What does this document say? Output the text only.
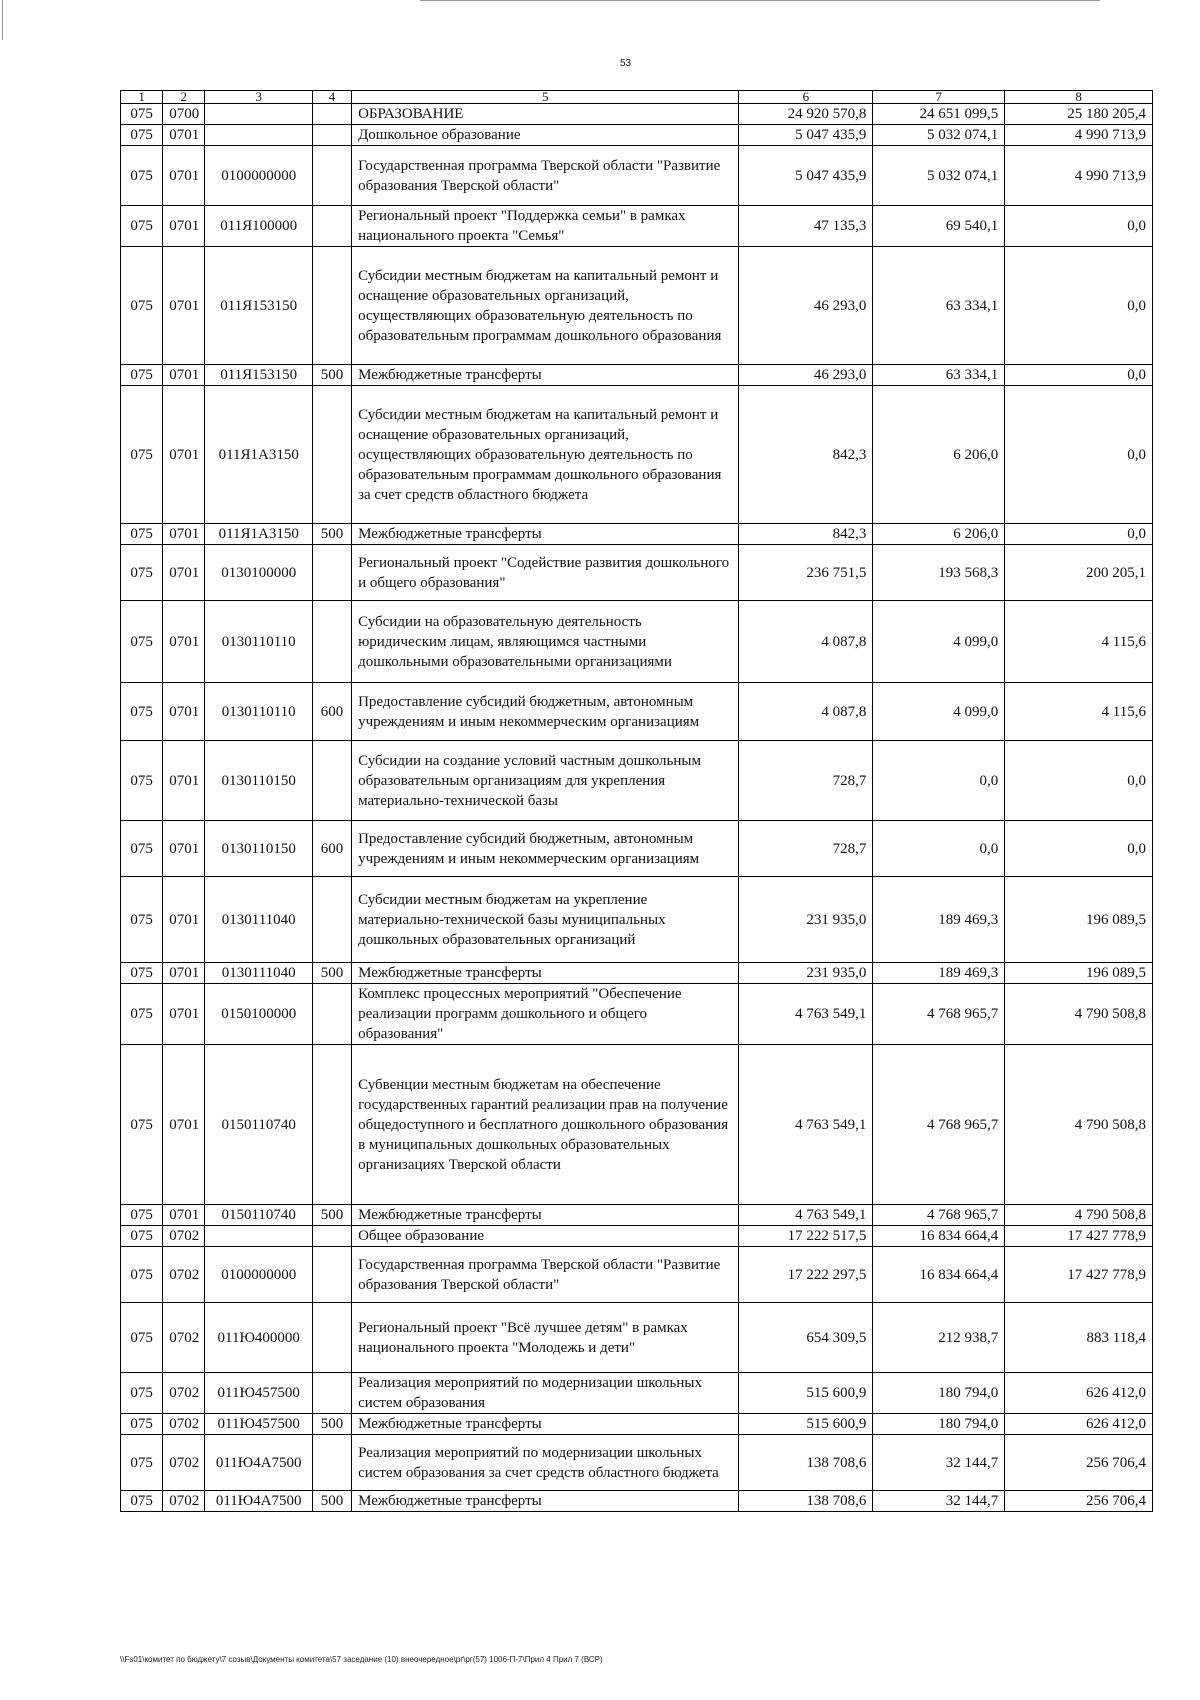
53
1	2	3	4	5	6	7	8
075	0700			ОБРАЗОВАНИЕ	24 920 570,8	24 651 099,5	25 180 205,4
075	0701			Дошкольное образование	5 047 435,9	5 032 074,1	4 990 713,9
075	0701	0100000000		Государственная программа Тверской области "Развитие образования Тверской области"	5 047 435,9	5 032 074,1	4 990 713,9
075	0701	011Я100000		Региональный проект "Поддержка семьи" в рамках национального проекта "Семья"	47 135,3	69 540,1	0,0
075	0701	011Я153150		Субсидии местным бюджетам на капитальный ремонт и оснащение образовательных организаций, осуществляющих образовательную деятельность по образовательным программам дошкольного образования	46 293,0	63 334,1	0,0
075	0701	011Я153150	500	Межбюджетные трансферты	46 293,0	63 334,1	0,0
075	0701	011Я1А3150		Субсидии местным бюджетам на капитальный ремонт и оснащение образовательных организаций, осуществляющих образовательную деятельность по образовательным программам дошкольного образования за счет средств областного бюджета	842,3	6 206,0	0,0
075	0701	011Я1А3150	500	Межбюджетные трансферты	842,3	6 206,0	0,0
075	0701	0130100000		Региональный проект "Содействие развития дошкольного и общего образования"	236 751,5	193 568,3	200 205,1
075	0701	0130110110		Субсидии на образовательную деятельность юридическим лицам, являющимся частными дошкольными образовательными организациями	4 087,8	4 099,0	4 115,6
075	0701	0130110110	600	Предоставление субсидий бюджетным, автономным учреждениям и иным некоммерческим организациям	4 087,8	4 099,0	4 115,6
075	0701	0130110150		Субсидии на создание условий частным дошкольным образовательным организациям для укрепления материально-технической базы	728,7	0,0	0,0
075	0701	0130110150	600	Предоставление субсидий бюджетным, автономным учреждениям и иным некоммерческим организациям	728,7	0,0	0,0
075	0701	0130111040		Субсидии местным бюджетам на укрепление материально-технической базы муниципальных дошкольных образовательных организаций	231 935,0	189 469,3	196 089,5
075	0701	0130111040	500	Межбюджетные трансферты	231 935,0	189 469,3	196 089,5
075	0701	0150100000		Комплекс процессных мероприятий "Обеспечение реализации программ дошкольного и общего образования"	4 763 549,1	4 768 965,7	4 790 508,8
075	0701	0150110740		Субвенции местным бюджетам на обеспечение государственных гарантий реализации прав на получение общедоступного и бесплатного дошкольного образования в муниципальных дошкольных образовательных организациях Тверской области	4 763 549,1	4 768 965,7	4 790 508,8
075	0701	0150110740	500	Межбюджетные трансферты	4 763 549,1	4 768 965,7	4 790 508,8
075	0702			Общее образование	17 222 517,5	16 834 664,4	17 427 778,9
075	0702	0100000000		Государственная программа Тверской области "Развитие образования Тверской области"	17 222 297,5	16 834 664,4	17 427 778,9
075	0702	011Ю400000		Региональный проект "Всё лучшее детям" в рамках национального проекта "Молодежь и дети"	654 309,5	212 938,7	883 118,4
075	0702	011Ю457500		Реализация мероприятий по модернизации школьных систем образования	515 600,9	180 794,0	626 412,0
075	0702	011Ю457500	500	Межбюджетные трансферты	515 600,9	180 794,0	626 412,0
075	0702	011Ю4А7500		Реализация мероприятий по модернизации школьных систем образования за счет средств областного бюджета	138 708,6	32 144,7	256 706,4
075	0702	011Ю4А7500	500	Межбюджетные трансферты	138 708,6	32 144,7	256 706,4
\\Fs01\комитет по бюджету\7 созыв\Документы комитета\57 заседание (10) внеочередное\рг\рг(57) 1006-П-7\Прил 4 Прил 7 (ВСР)
